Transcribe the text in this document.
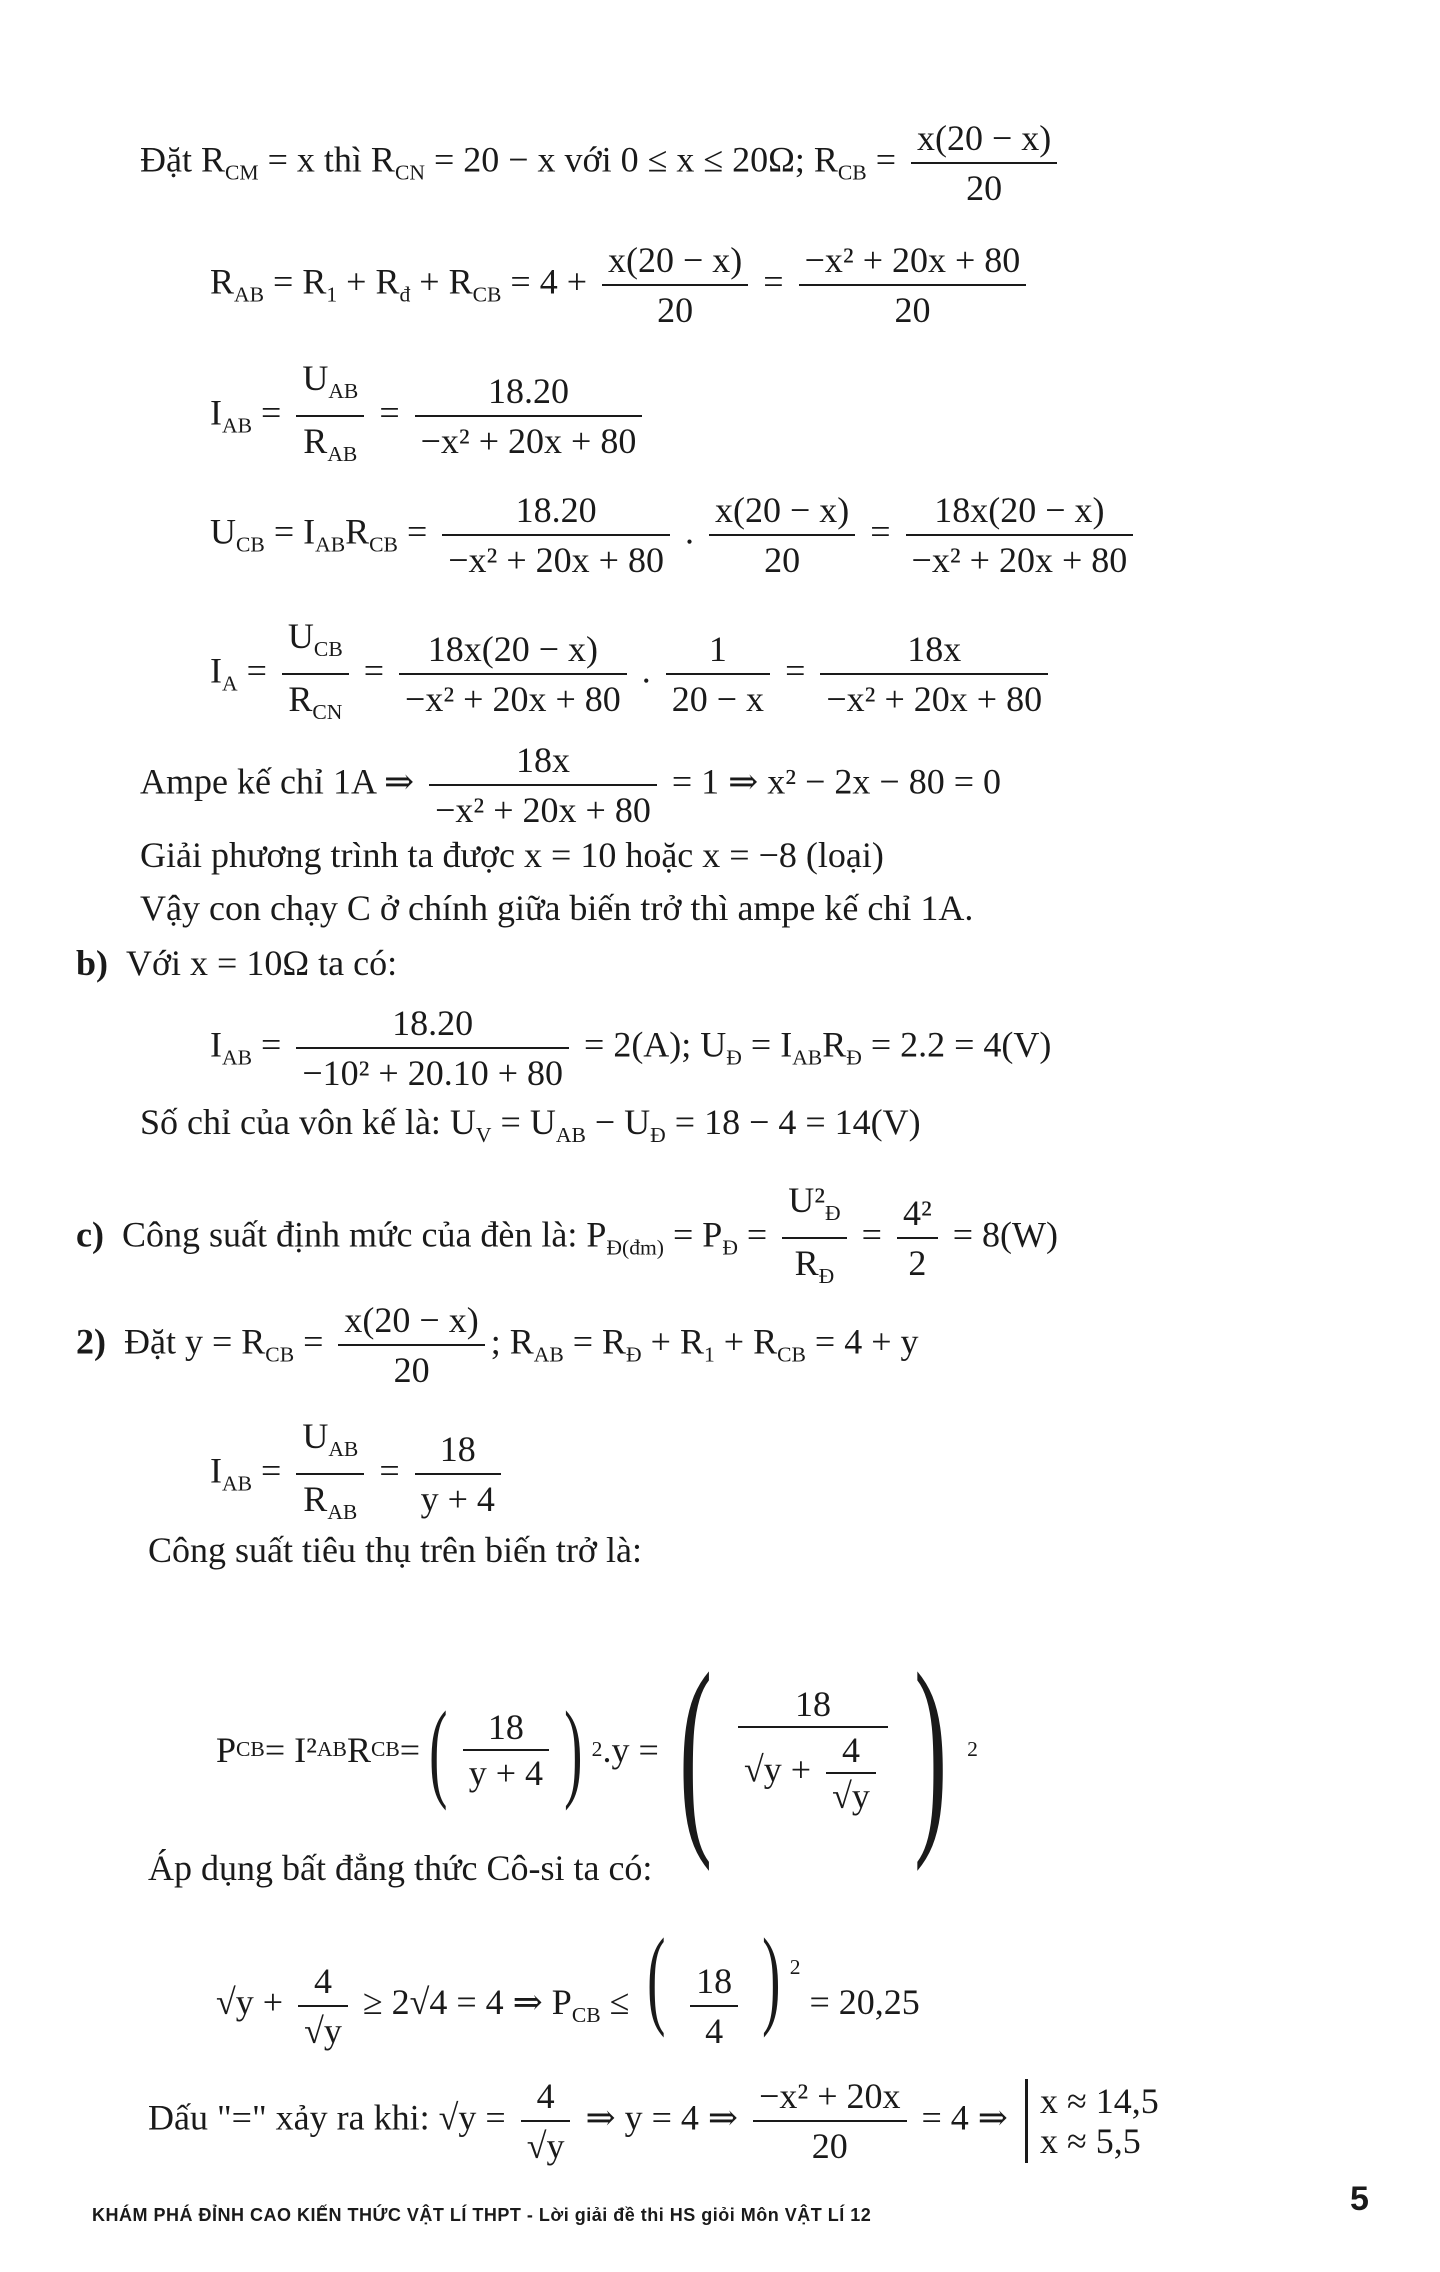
Đặt $R_{CM} = x$ thì $R_{CN} = 20 - x$ với 0 ≤ x ≤ 20Ω; $R_{CB} = \frac{x(20 - x)}{20}$
$R_{AB} = R_1 + R_đ + R_{CB} = 4 + \frac{x(20 - x)}{20} = \frac{\text{−x² + 20x + 80}}{20}$
$I_{AB} = \frac{U_{AB}}{R_{AB}} = \frac{18.20}{\text{−x² + 20x + 80}}$
$U_{CB} = I_{AB}R_{CB} = \frac{18.20}{\text{−x² + 20x + 80}}$ . $\frac{x(20 - x)}{20} = \frac{18x(20 - x)}{\text{−x² + 20x + 80}}$
$I_A = \frac{U_{CB}}{R_{CN}} = \frac{18x(20 - x)}{\text{−x² + 20x + 80}}$ . $\frac{1}{20 - x} = \frac{18x}{\text{−x² + 20x + 80}}$
Ampe kế chỉ 1A ⇒ $\frac{18x}{\text{−x² + 20x + 80}} = 1$ ⇒ x² − 2x − 80 = 0
Giải phương trình ta được x = 10 hoặc x = −8 (loại)
Vậy con chạy C ở chính giữa biến trở thì ampe kế chỉ 1A.
b) Với x = 10Ω ta có:
$I_{AB} = \frac{18.20}{\text{−10² + 20.10 + 80}} = 2(A)$; $U_Đ = I_{AB}R_Đ = 2.2 = 4(V)$
Số chỉ của vôn kế là: $U_V = U_{AB} - U_Đ = 18 - 4 = 14(V)$
c) Công suất định mức của đèn là: $P_{Đ(đm)} = P_Đ = \frac{U^2_Đ}{R_Đ} = \frac{\text{4²}}{2} = 8(W)$
2) Đặt $y = R_{CB} = \frac{x(20 - x)}{20}$ ; $R_{AB} = R_Đ + R_1 + R_{CB} = 4 + y$
$I_{AB} = \frac{U_{AB}}{R_{AB}} = \frac{18}{y + 4}$
Công suất tiêu thụ trên biến trở là:
P CB = I² AB R CB = ( $\frac{18}{y + 4}$ ) 2 .y = ( $\frac{18}{√y + \frac{4}{√y}}$ ) 2
Áp dụng bất đẳng thức Cô-si ta có:
$√y + \frac{4}{√y} \ge 2√4 = 4$ ⇒ $P_{CB}$ ≤ ( $\frac{18}{4}$ ) $^2$ = 20,25
Dấu "=" xảy ra khi: $√y = \frac{4}{√y}$ ⇒ y = 4 ⇒ $\frac{\text{−x² + 20x}}{20} = 4$ ⇒ x ≈ 14,5
x ≈ 5,5
KHÁM PHÁ ĐỈNH CAO KIẾN THỨC VẬT LÍ THPT - Lời giải đề thi HS giỏi Môn VẬT LÍ 12	5
